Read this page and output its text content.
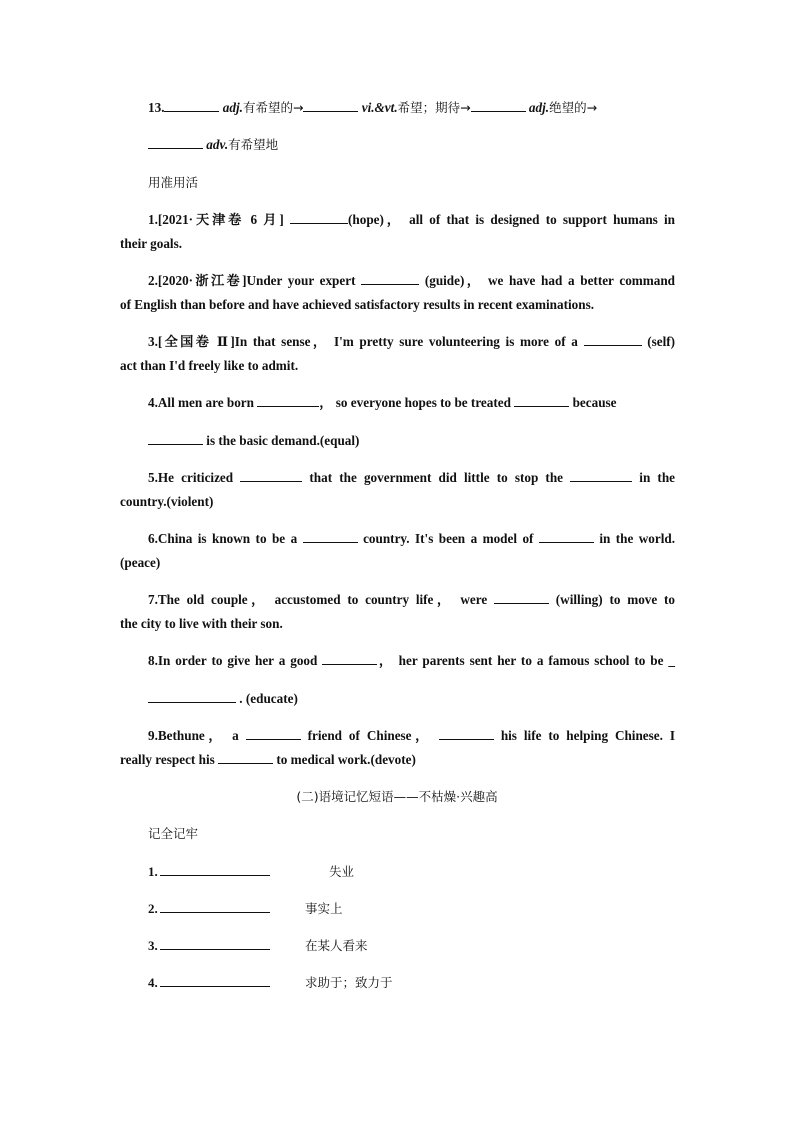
13.	adj.有希望的→	vi.&vt.希望；期待→	adj.绝望的→
adv.有希望地
用准用活
1.[2021·天津卷 6 月]	(hope)， all of that is designed to support humans in
their goals.
2.[2020·浙江卷]Under your expert	(guide)， we have had a better command
of English than before and have achieved satisfactory results in recent examinations.
3.[全国卷 Ⅱ]In that sense， I'm pretty sure volunteering is more of a	(self)
act than I'd freely like to admit.
4.All men are born	， so everyone hopes to be treated	because
is the basic demand.(equal)
5.He criticized	that the government did little to stop the	in the
country.(violent)
6.China is known to be a	country. It's been a model of	in the world.
(peace)
7.The old couple， accustomed to country life， were	(willing) to move to
the city to live with their son.
8.In order to give her a good	， her parents sent her to a famous school to be _
. (educate)
9.Bethune， a	friend of Chinese，	his life to helping Chinese. I
really respect his	to medical work.(devote)
(二)语境记忆短语——不枯燥·兴趣高
记全记牢
1.	失业
2.	事实上
3.	在某人看来
4.	求助于；致力于
